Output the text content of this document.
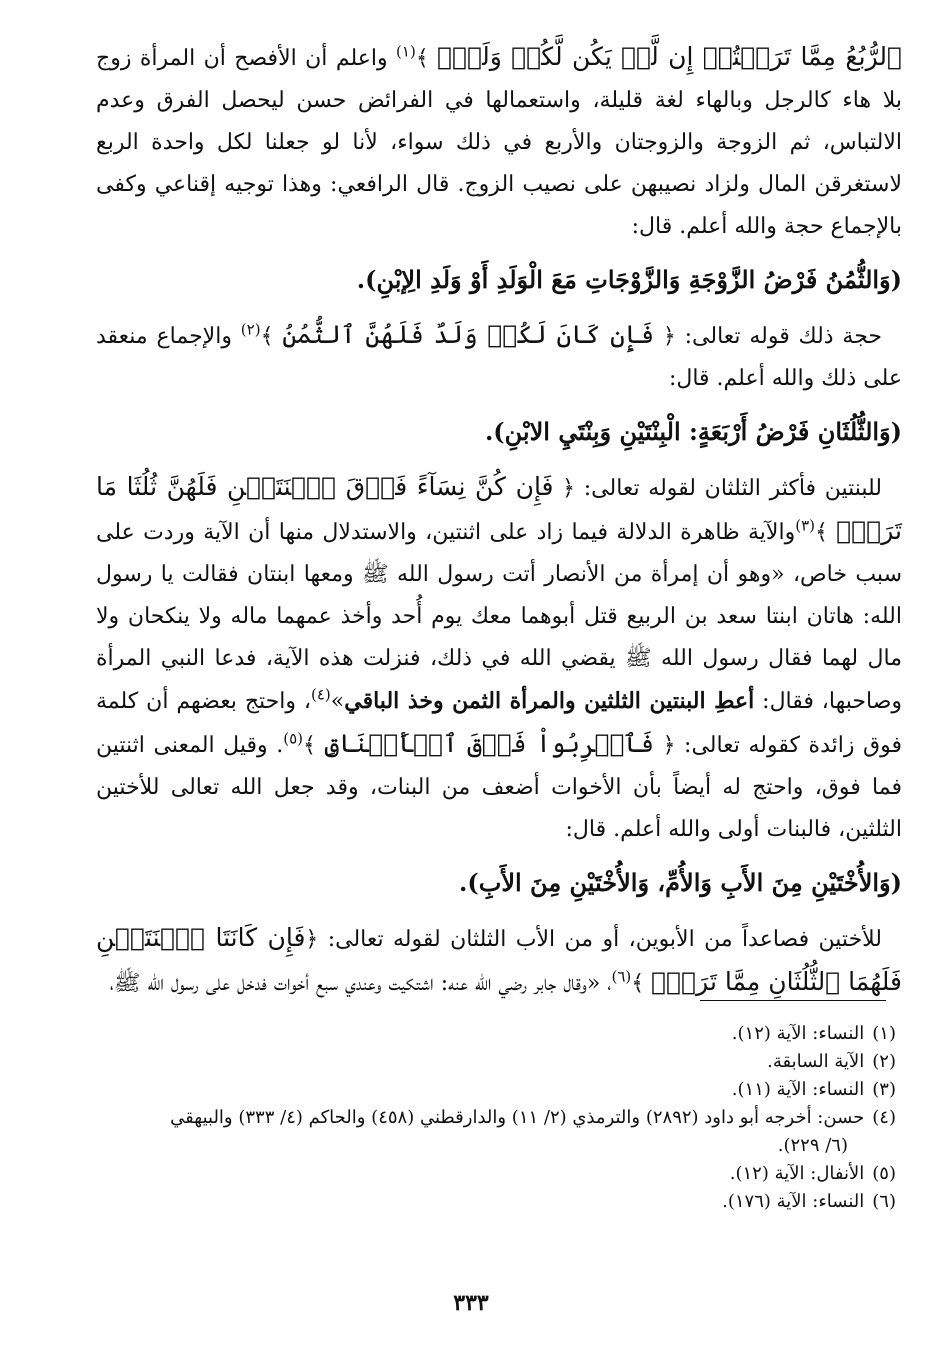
ٱلرُّبُعُ مِمَّا تَرَكۡتُمۡ إِن لَّمۡ يَكُن لَّكُمۡ وَلَدٌۚ ﴾$^{(١)}$ واعلم أن الأفصح أن المرأة زوج بلا هاء كالرجل وبالهاء لغة قليلة، واستعمالها في الفرائض حسن ليحصل الفرق وعدم الالتباس، ثم الزوجة والزوجتان والأربع في ذلك سواء، لأنا لو جعلنا لكل واحدة الربع لاستغرقن المال ولزاد نصيبهن على نصيب الزوج. قال الرافعي: وهذا توجيه إقناعي وكفى بالإجماع حجة والله أعلم. قال:

(وَالثُّمُنُ فَرْضُ الزَّوْجَةِ وَالزَّوْجَاتِ مَعَ الْوَلَدِ أَوْ وَلَدِ الِإبْنِ).

حجة ذلك قوله تعالى: ﴿ فَإِن كَانَ لَكُمۡ وَلَدٌ فَلَهُنَّ ٱلثُّمُنُ ﴾$^{(٢)}$ والإجماع منعقد على ذلك والله أعلم. قال:

(وَالثُّلُثَانِ فَرْضُ أَرْبَعَةٍ: الْبِنْتَيْنِ وَبِنْتَيِ الابْنِ).

للبنتين فأكثر الثلثان لقوله تعالى: ﴿ فَإِن كُنَّ نِسَآءً فَوۡقَ ٱثۡنَتَيۡنِ فَلَهُنَّ ثُلُثَا مَا تَرَكَۖ ﴾$^{(٣)}$والآية ظاهرة الدلالة فيما زاد على اثنتين، والاستدلال منها أن الآية وردت على سبب خاص، «وهو أن إمرأة من الأنصار أتت رسول الله ﷺ ومعها ابنتان فقالت يا رسول الله: هاتان ابنتا سعد بن الربيع قتل أبوهما معك يوم أُحد وأخذ عمهما ماله ولا ينكحان ولا مال لهما فقال رسول الله ﷺ يقضي الله في ذلك، فنزلت هذه الآية، فدعا النبي المرأة وصاحبها، فقال: أعطِ البنتين الثلثين والمرأة الثمن وخذ الباقي»$^{(٤)}$، واحتج بعضهم أن كلمة فوق زائدة كقوله تعالى: ﴿ فَٱضۡرِبُواْ فَوۡقَ ٱلۡأَعۡنَاقِ ﴾$^{(٥)}$. وقيل المعنى اثنتين فما فوق، واحتج له أيضاً بأن الأخوات أضعف من البنات، وقد جعل الله تعالى للأختين الثلثين، فالبنات أولى والله أعلم. قال:

(وَالأُخْتَيْنِ مِنَ الأَبِ وَالأُمِّ، وَالأُخْتَيْنِ مِنَ الأَبِ).

للأختين فصاعداً من الأبوين، أو من الأب الثلثان لقوله تعالى: ﴿فَإِن كَانَتَا ٱثۡنَتَيۡنِ فَلَهُمَا ٱلثُّلُثَانِ مِمَّا تَرَكَۚ ﴾$^{(٦)}$، «وقال جابر رضي الله عنه: اشتكيت وعندي سبع أخوات فدخل على رسول الله ﷺ،

(١) النساء: الآية (١٢).

(٢) الآية السابقة.

(٣) النساء: الآية (١١).

(٤) حسن: أخرجه أبو داود (٢٨٩٢) والترمذي (٢/ ١١) والدارقطني (٤٥٨) والحاكم (٤/ ٣٣٣) والبيهقي

(٦/ ٢٢٩).

(٥) الأنفال: الآية (١٢).

(٦) النساء: الآية (١٧٦).

٣٣٣
